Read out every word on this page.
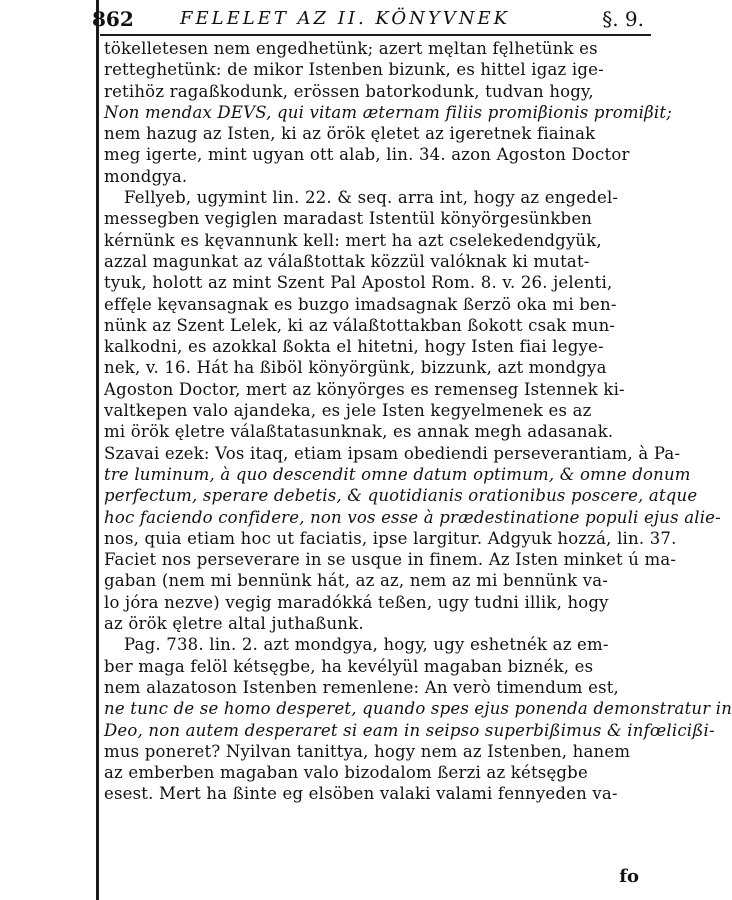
862	FELELET AZ II. KÖNYVNEK	§. 9.
tökelletesen nem engedhetünk; azert męltan fęlhetünk es
retteghetünk: de mikor Istenben bizunk, es hittel igaz ige-
retihöz ragaßkodunk, erössen batorkodunk, tudvan hogy,
Non mendax DEVS, qui vitam æternam filiis promiβionis promiβit;
nem hazug az Isten, ki az örök ęletet az igeretnek fiainak
meg igerte, mint ugyan ott alab, lin. 34. azon Agoston Doctor
mondgya.
Fellyeb, ugymint lin. 22. & seq. arra int, hogy az engedel-
messegben vegiglen maradast Istentül könyörgesünkben
kérnünk es kęvannunk kell: mert ha azt cselekedendgyük,
azzal magunkat az válaßtottak közzül valóknak ki mutat-
tyuk, holott az mint Szent Pal Apostol Rom. 8. v. 26. jelenti,
effęle kęvansagnak es buzgo imadsagnak ßerzö oka mi ben-
nünk az Szent Lelek, ki az válaßtottakban ßokott csak mun-
kalkodni, es azokkal ßokta el hitetni, hogy Isten fiai legye-
nek, v. 16. Hát ha ßiböl könyörgünk, bizzunk, azt mondgya
Agoston Doctor, mert az könyörges es remenseg Istennek ki-
valtkepen valo ajandeka, es jele Isten kegyelmenek es az
mi örök ęletre válaßtatasunknak, es annak megh adasanak.
Szavai ezek: Vos itaq, etiam ipsam obediendi perseverantiam, à Pa-
tre luminum, à quo descendit omne datum optimum, & omne donum
perfectum, sperare debetis, & quotidianis orationibus poscere, atque
hoc faciendo confidere, non vos esse à prædestinatione populi ejus alie-
nos, quia etiam hoc ut faciatis, ipse largitur. Adgyuk hozzá, lin. 37.
Faciet nos perseverare in se usque in finem. Az Isten minket ú ma-
gaban (nem mi bennünk hát, az az, nem az mi bennünk va-
lo jóra nezve) vegig maradókká teßen, ugy tudni illik, hogy
az örök ęletre altal juthaßunk.
Pag. 738. lin. 2. azt mondgya, hogy, ugy eshetnék az em-
ber maga felöl kétsęgbe, ha kevélyül magaban biznék, es
nem alazatoson Istenben remenlene: An verò timendum est,
ne tunc de se homo desperet, quando spes ejus ponenda demonstratur in
Deo, non autem desperaret si eam in seipso superbißimus & infœlicißi-
mus poneret? Nyilvan tanittya, hogy nem az Istenben, hanem
az emberben magaban valo bizodalom ßerzi az kétsęgbe
esest. Mert ha ßinte eg elsöben valaki valami fennyeden va-
fo
